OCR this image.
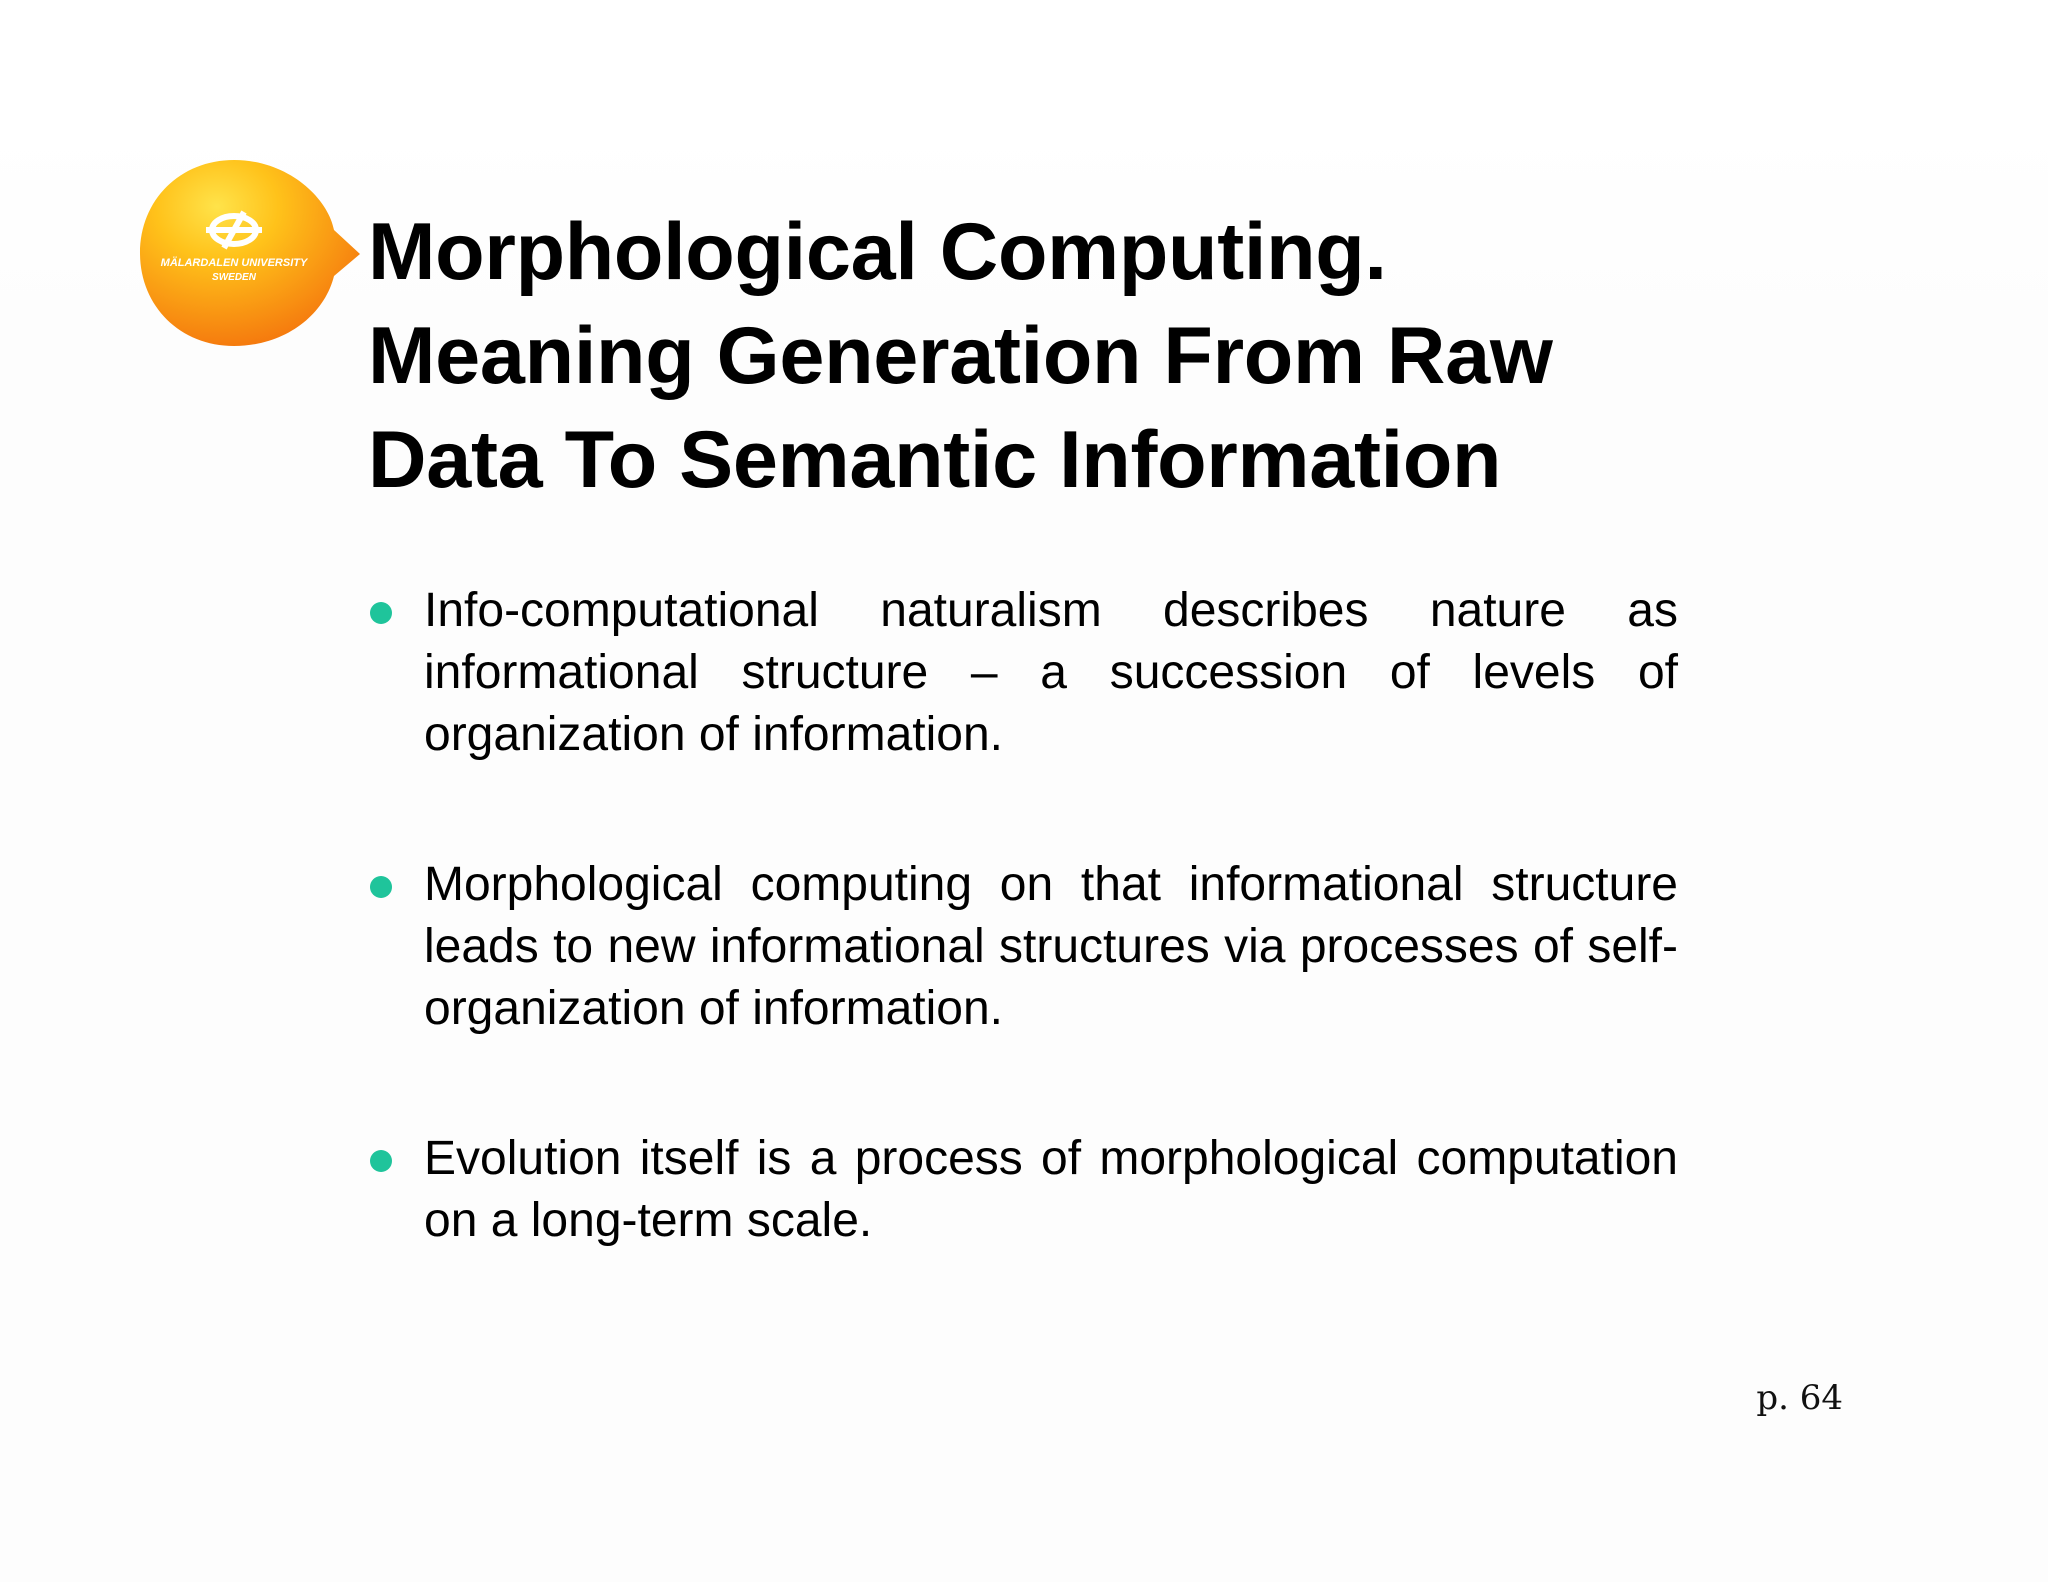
MÄLARDALEN UNIVERSITY
SWEDEN Morphological Computing.
Meaning Generation From Raw
Data To Semantic Information
Info-computational naturalism describes nature as informational structure – a succession of levels of organization of information.
Morphological computing on that informational structure leads to new informational structures via processes of self-organization of information.
Evolution itself is a process of morphological computation on a long-term scale.
p. 64
